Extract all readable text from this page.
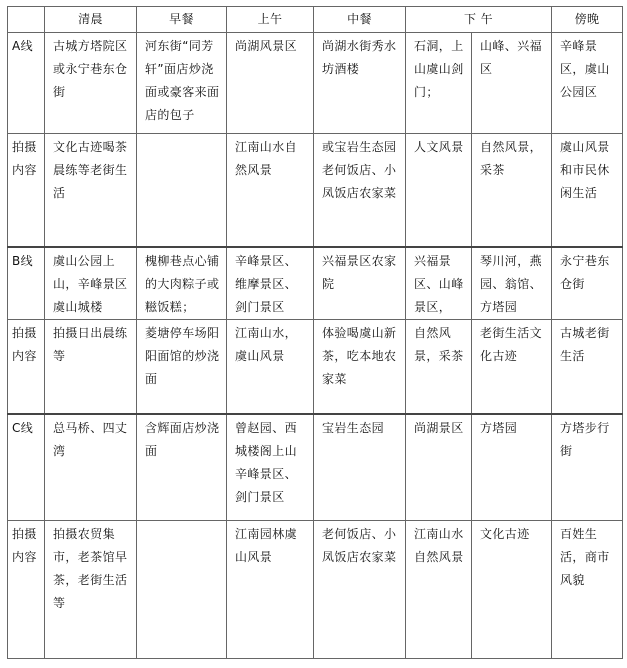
	清晨	早餐	上午	中餐	下 午		傍晚
A线	古城方塔院区或永宁巷东仓街	河东街“同芳轩”面店炒浇面或豪客来面店的包子	尚湖风景区	尚湖水街秀水坊酒楼	石洞，上山虞山剑门；	山峰、兴福区	辛峰景区，虞山公园区
拍摄内容	文化古迹喝茶晨练等老街生活		江南山水自然风景	或宝岩生态园老何饭店、小凤饭店农家菜	人文风景	自然风景，采茶	虞山风景和市民休闲生活
B线	虞山公园上山，辛峰景区虞山城楼	槐柳巷点心铺的大肉粽子或糍饭糕；	辛峰景区、维摩景区、剑门景区	兴福景区农家院	兴福景区、山峰景区，	琴川河，燕园、翁馆、方塔园	永宁巷东仓街
拍摄内容	拍摄日出晨练等	菱塘停车场阳阳面馆的炒浇面	江南山水，虞山风景	体验喝虞山新茶，吃本地农家菜	自然风景，采茶	老街生活文化古迹	古城老街生活
C线	总马桥、四丈湾	含辉面店炒浇面	曾赵园、西城楼阁上山辛峰景区、剑门景区	宝岩生态园	尚湖景区	方塔园	方塔步行街
拍摄内容	拍摄农贸集市，老茶馆早茶，老街生活等		江南园林虞山风景	老何饭店、小凤饭店农家菜	江南山水自然风景	文化古迹	百姓生活，商市风貌
